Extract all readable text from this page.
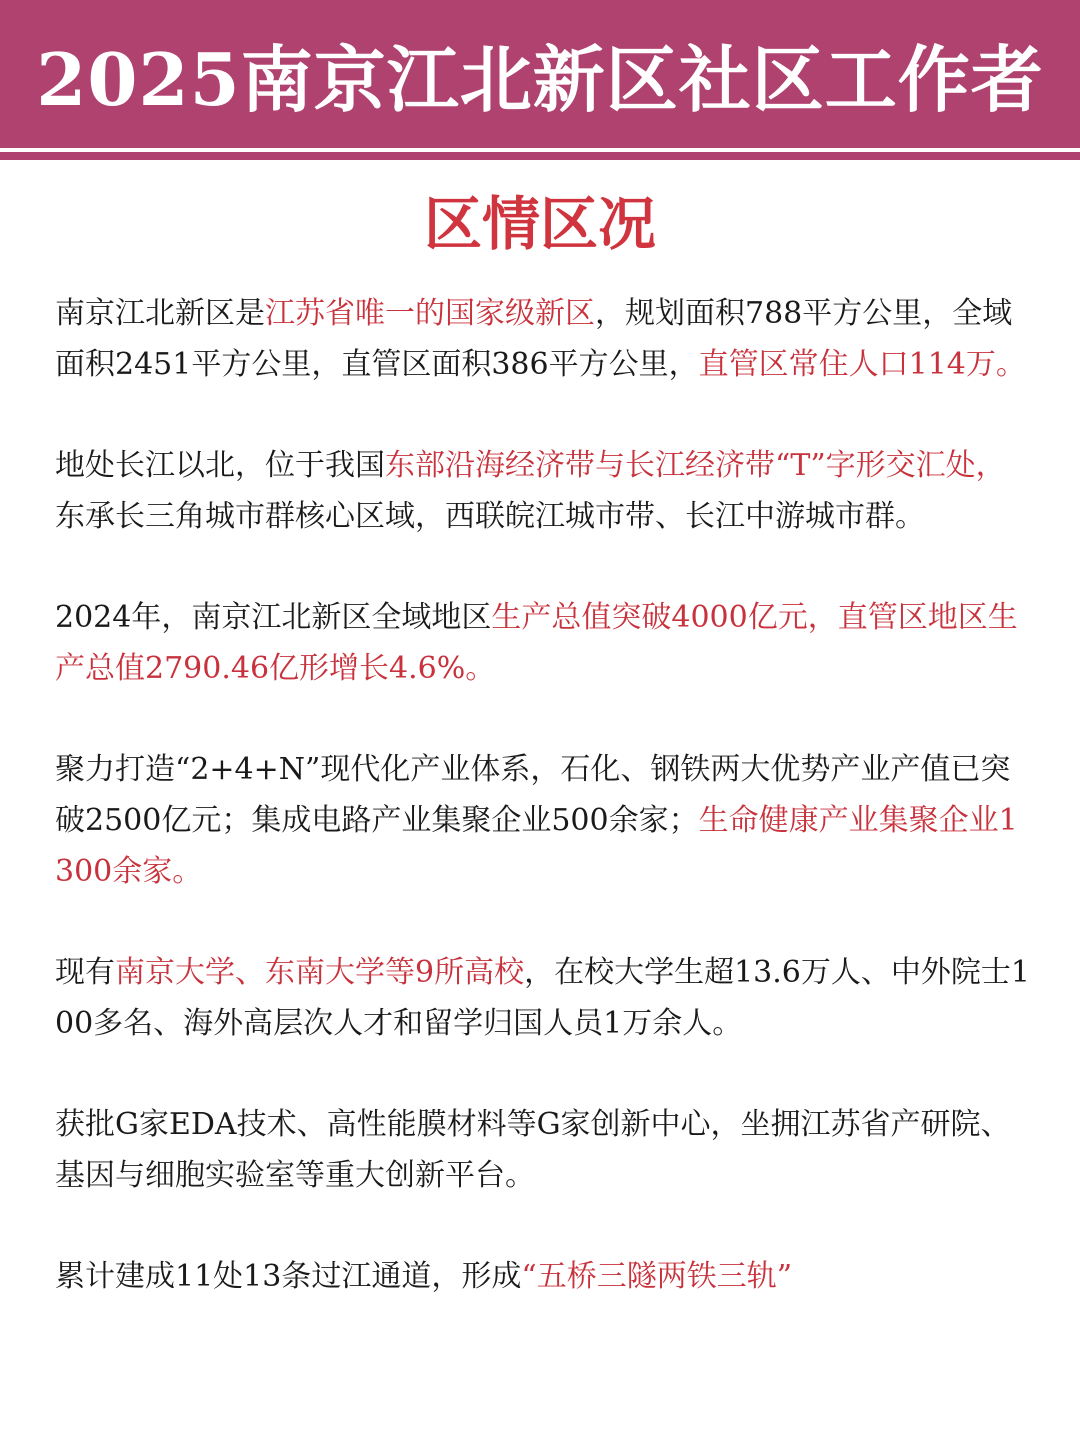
2025南京江北新区社区工作者
区情区况

南京江北新区是江苏省唯一的国家级新区，规划面积788平方公里，全域面积2451平方公里，直管区面积386平方公里，直管区常住人口114万。

地处长江以北，位于我国东部沿海经济带与长江经济带“T”字形交汇处，东承长三角城市群核心区域，西联皖江城市带、长江中游城市群。

2024年，南京江北新区全域地区生产总值突破4000亿元，直管区地区生产总值2790.46亿形增长4.6%。

聚力打造“2+4+N”现代化产业体系，石化、钢铁两大优势产业产值已突破2500亿元；集成电路产业集聚企业500余家；生命健康产业集聚企业1300余家。

现有南京大学、东南大学等9所高校，在校大学生超13.6万人、中外院士100多名、海外高层次人才和留学归国人员1万余人。

获批G家EDA技术、高性能膜材料等G家创新中心，坐拥江苏省产研院、基因与细胞实验室等重大创新平台。

累计建成11处13条过江通道，形成“五桥三隧两铁三轨”
